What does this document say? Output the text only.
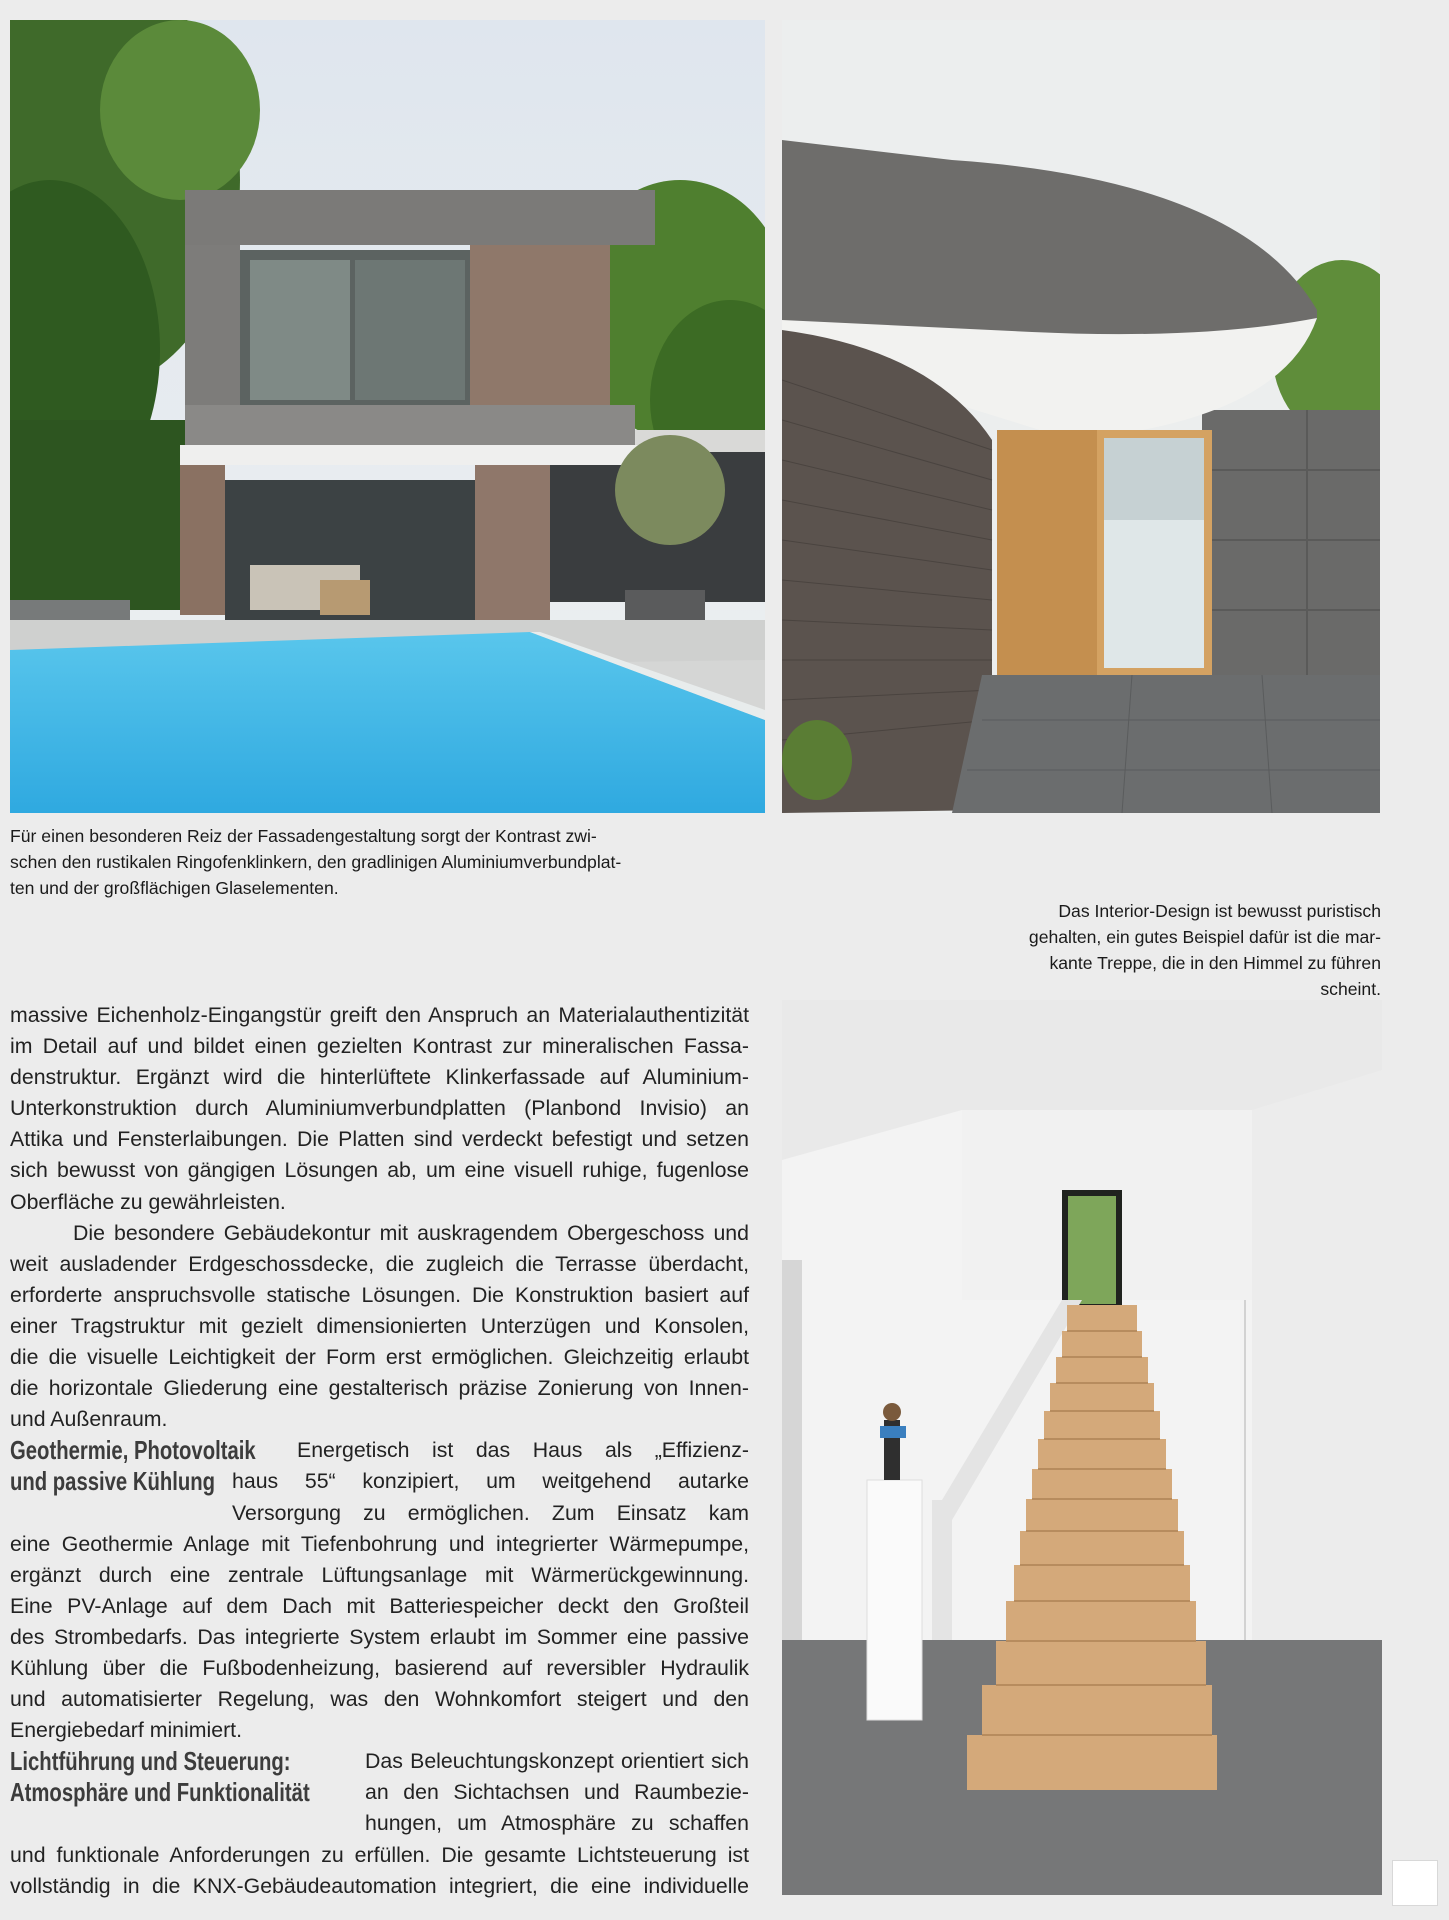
Für einen besonderen Reiz der Fassadengestaltung sorgt der Kontrast zwi-
schen den rustikalen Ringofenklinkern, den gradlinigen Aluminiumverbundplat-
ten und der großflächigen Glaselementen.
Das Interior-Design ist bewusst puristisch
gehalten, ein gutes Beispiel dafür ist die mar-
kante Treppe, die in den Himmel zu führen
scheint.

massive Eichenholz-Eingangstür greift den Anspruch an Materialauthentizität
im Detail auf und bildet einen gezielten Kontrast zur mineralischen Fassa-
denstruktur. Ergänzt wird die hinterlüftete Klinkerfassade auf Aluminium-
Unterkonstruktion durch Aluminiumverbundplatten (Planbond Invisio) an
Attika und Fensterlaibungen. Die Platten sind verdeckt befestigt und setzen
sich bewusst von gängigen Lösungen ab, um eine visuell ruhige, fugenlose
Oberfläche zu gewährleisten.

Die besondere Gebäudekontur mit auskragendem Obergeschoss und
weit ausladender Erdgeschossdecke, die zugleich die Terrasse überdacht,
erforderte anspruchsvolle statische Lösungen. Die Konstruktion basiert auf
einer Tragstruktur mit gezielt dimensionierten Unterzügen und Konsolen,
die die visuelle Leichtigkeit der Form erst ermöglichen. Gleichzeitig erlaubt
die horizontale Gliederung eine gestalterisch präzise Zonierung von Innen-
und Außenraum.

Geothermie, Photovoltaik
und passive Kühlung
Energetisch ist das Haus als „Effizienz-
haus 55“ konzipiert, um weitgehend autarke
Versorgung zu ermöglichen. Zum Einsatz kam

eine Geothermie Anlage mit Tiefenbohrung und integrierter Wärmepumpe,
ergänzt durch eine zentrale Lüftungsanlage mit Wärmerückgewinnung.
Eine PV-Anlage auf dem Dach mit Batteriespeicher deckt den Großteil
des Strombedarfs. Das integrierte System erlaubt im Sommer eine passive
Kühlung über die Fußbodenheizung, basierend auf reversibler Hydraulik
und automatisierter Regelung, was den Wohnkomfort steigert und den
Energiebedarf minimiert.

Lichtführung und Steuerung:
Atmosphäre und Funktionalität
Das Beleuchtungskonzept orientiert sich
an den Sichtachsen und Raumbezie-
hungen, um Atmosphäre zu schaffen

und funktionale Anforderungen zu erfüllen. Die gesamte Lichtsteuerung ist
vollständig in die KNX-Gebäudeautomation integriert, die eine individuelle
